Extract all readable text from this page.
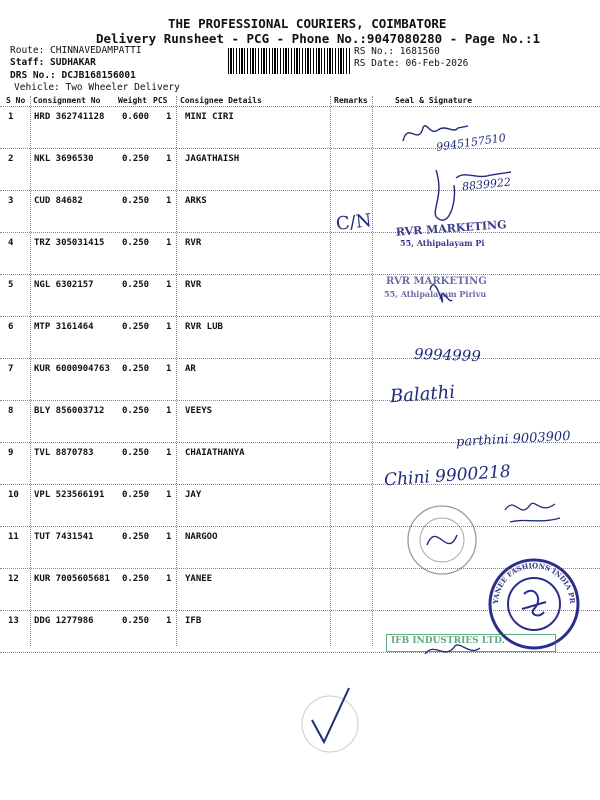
THE PROFESSIONAL COURIERS, COIMBATORE
Delivery Runsheet - PCG - Phone No.:9047080280 - Page No.:1
Route: CHINNAVEDAMPATTI
Staff: SUDHAKAR
DRS No.: DCJB168156001
Vehicle: Two Wheeler Delivery
RS No.: 1681560
RS Date: 06-Feb-2026
S No Consignment No Weight PCS Consignee Details	Remarks	Seal & Signature
1 HRD 362741128 0.600 1 MINI CIRI
2 NKL 3696530	0.250 1 JAGATHAISH
3 CUD 84682	0.250 1 ARKS
4 TRZ 305031415 0.250 1 RVR
5 NGL 6302157	0.250 1 RVR
6 MTP 3161464	0.250 1 RVR LUB
7 KUR 6000904763 0.250 1 AR
8 BLY 856003712 0.250 1 VEEYS
9 TVL 8870783	0.250 1 CHAIATHANYA
10 VPL 523566191 0.250 1 JAY
11 TUT 7431541	0.250 1 NARGOO
12 KUR 7005605681 0.250 1 YANEE
13 DDG 1277986	0.250 1 IFB
C/N
9945157510
8839922
RVR MARKETING
55, Athipalayam Pi
RVR MARKETING
55, Athipalayam Pirivu
9994999
Balathi
parthini 9003900
Chini 9900218
YANEE FASHIONS INDIA PRIVATE LIMITED
IFB INDUSTRIES LTD.
